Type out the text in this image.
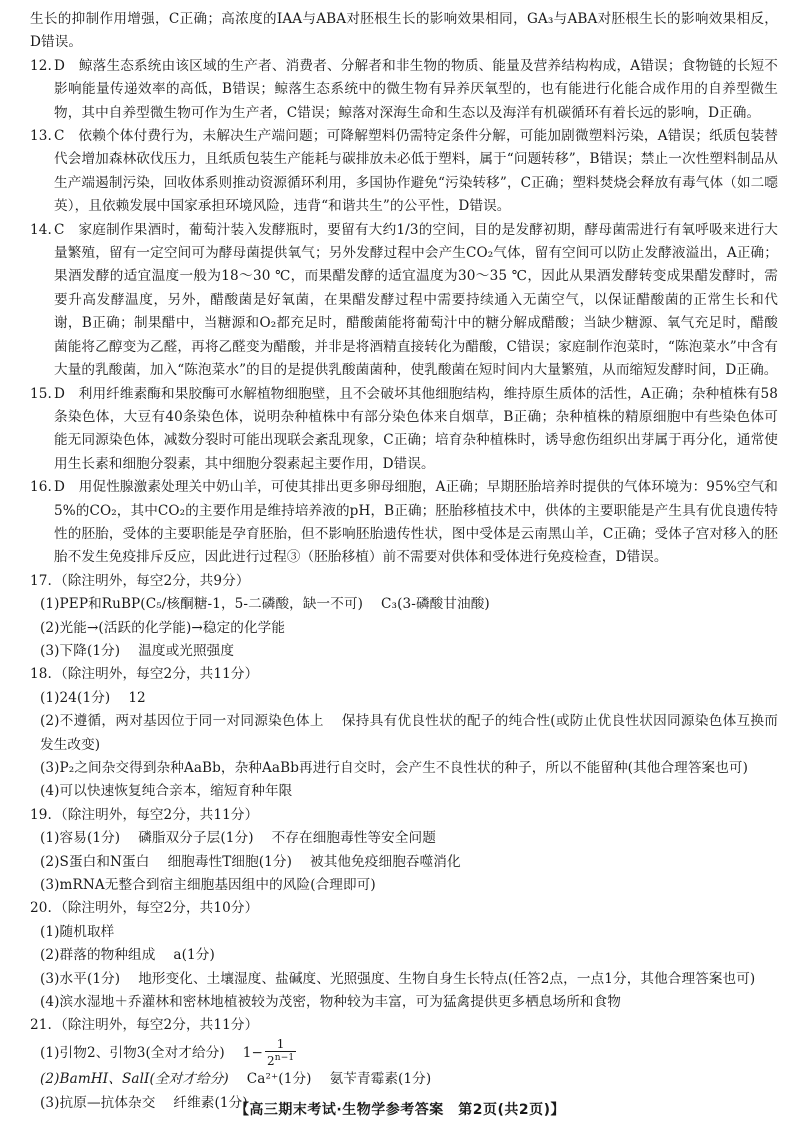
生长的抑制作用增强，C正确；高浓度的IAA与ABA对胚根生长的影响效果相同，GA₃与ABA对胚根生长的影响效果相反，D错误。

12. D　鲸落生态系统由该区域的生产者、消费者、分解者和非生物的物质、能量及营养结构构成，A错误；食物链的长短不影响能量传递效率的高低，B错误；鲸落生态系统中的微生物有异养厌氧型的，也有能进行化能合成作用的自养型微生物，其中自养型微生物可作为生产者，C错误；鲸落对深海生命和生态以及海洋有机碳循环有着长远的影响，D正确。

13. C　依赖个体付费行为，未解决生产端问题；可降解塑料仍需特定条件分解，可能加剧微塑料污染，A错误；纸质包装替代会增加森林砍伐压力，且纸质包装生产能耗与碳排放未必低于塑料，属于“问题转移”，B错误；禁止一次性塑料制品从生产端遏制污染，回收体系则推动资源循环利用，多国协作避免“污染转移”，C正确；塑料焚烧会释放有毒气体（如二噁英），且依赖发展中国家承担环境风险，违背“和谐共生”的公平性，D错误。

14. C　家庭制作果酒时，葡萄汁装入发酵瓶时，要留有大约1/3的空间，目的是发酵初期，酵母菌需进行有氧呼吸来进行大量繁殖，留有一定空间可为酵母菌提供氧气；另外发酵过程中会产生CO₂气体，留有空间可以防止发酵液溢出，A正确；果酒发酵的适宜温度一般为18～30 ℃，而果醋发酵的适宜温度为30～35 ℃，因此从果酒发酵转变成果醋发酵时，需要升高发酵温度，另外，醋酸菌是好氧菌，在果醋发酵过程中需要持续通入无菌空气，以保证醋酸菌的正常生长和代谢，B正确；制果醋中，当糖源和O₂都充足时，醋酸菌能将葡萄汁中的糖分解成醋酸；当缺少糖源、氧气充足时，醋酸菌能将乙醇变为乙醛，再将乙醛变为醋酸，并非是将酒精直接转化为醋酸，C错误；家庭制作泡菜时，“陈泡菜水”中含有大量的乳酸菌，加入“陈泡菜水”的目的是提供乳酸菌菌种，使乳酸菌在短时间内大量繁殖，从而缩短发酵时间，D正确。

15. D　利用纤维素酶和果胶酶可水解植物细胞壁，且不会破坏其他细胞结构，维持原生质体的活性，A正确；杂种植株有58条染色体，大豆有40条染色体，说明杂种植株中有部分染色体来自烟草，B正确；杂种植株的精原细胞中有些染色体可能无同源染色体，减数分裂时可能出现联会紊乱现象，C正确；培育杂种植株时，诱导愈伤组织出芽属于再分化，通常使用生长素和细胞分裂素，其中细胞分裂素起主要作用，D错误。

16. D　用促性腺激素处理关中奶山羊，可使其排出更多卵母细胞，A正确；早期胚胎培养时提供的气体环境为：95%空气和5%的CO₂，其中CO₂的主要作用是维持培养液的pH，B正确；胚胎移植技术中，供体的主要职能是产生具有优良遗传特性的胚胎，受体的主要职能是孕育胚胎，但不影响胚胎遗传性状，图中受体是云南黑山羊，C正确；受体子宫对移入的胚胎不发生免疫排斥反应，因此进行过程③（胚胎移植）前不需要对供体和受体进行免疫检查，D错误。

17. （除注明外，每空2分，共9分）

(1)PEP和RuBP(C₅/核酮糖-1，5-二磷酸，缺一不可) C₃(3-磷酸甘油酸)

(2)光能→(活跃的化学能)→稳定的化学能

(3)下降(1分) 温度或光照强度

18. （除注明外，每空2分，共11分）

(1)24(1分) 12

(2)不遵循，两对基因位于同一对同源染色体上 保持具有优良性状的配子的纯合性(或防止优良性状因同源染色体互换而发生改变)

(3)P₂之间杂交得到杂种AaBb，杂种AaBb再进行自交时，会产生不良性状的种子，所以不能留种(其他合理答案也可)

(4)可以快速恢复纯合亲本，缩短育种年限

19. （除注明外，每空2分，共11分）

(1)容易(1分) 磷脂双分子层(1分) 不存在细胞毒性等安全问题

(2)S蛋白和N蛋白 细胞毒性T细胞(1分) 被其他免疫细胞吞噬消化

(3)mRNA无整合到宿主细胞基因组中的风险(合理即可)

20. （除注明外，每空2分，共10分）

(1)随机取样

(2)群落的物种组成 a(1分)

(3)水平(1分) 地形变化、土壤湿度、盐碱度、光照强度、生物自身生长特点(任答2点，一点1分，其他合理答案也可)

(4)滨水湿地＋乔灌林和密林地植被较为茂密，物种较为丰富，可为猛禽提供更多栖息场所和食物

21. （除注明外，每空2分，共11分）

(1)引物2、引物3(全对才给分) $1- \frac{1}{2^{n-1}}$

(2)BamHⅠ、SalⅠ(全对才给分) Ca²⁺(1分) 氨苄青霉素(1分)

(3)抗原—抗体杂交 纤维素(1分)

【高三期末考试·生物学参考答案　第2页(共2页)】
